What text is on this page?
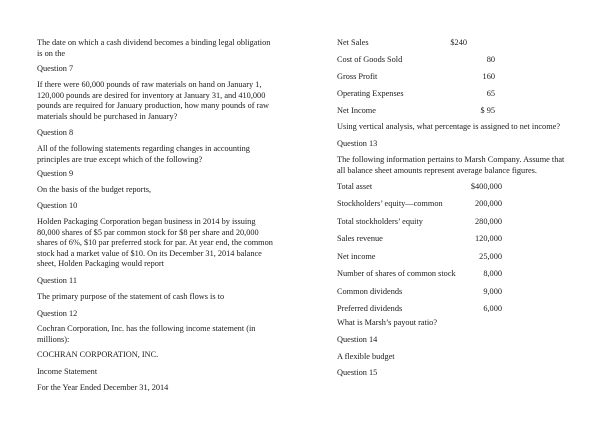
The date on which a cash dividend becomes a binding legal obligation is on the

Question 7

If there were 60,000 pounds of raw materials on hand on January 1, 120,000 pounds are desired for inventory at January 31, and 410,000 pounds are required for January production, how many pounds of raw materials should be purchased in January?

Question 8

All of the following statements regarding changes in accounting principles are true except which of the following?

Question 9

On the basis of the budget reports,

Question 10

Holden Packaging Corporation began business in 2014 by issuing 80,000 shares of $5 par common stock for $8 per share and 20,000 shares of 6%, $10 par preferred stock for par. At year end, the common stock had a market value of $10. On its December 31, 2014 balance sheet, Holden Packaging would report

Question 11

The primary purpose of the statement of cash flows is to

Question 12

Cochran Corporation, Inc. has the following income statement (in millions):

COCHRAN CORPORATION, INC.

Income Statement

For the Year Ended December 31, 2014

Net Sales	$240
Cost of Goods Sold	80
Gross Profit	160
Operating Expenses	65
Net Income	$ 95

Using vertical analysis, what percentage is assigned to net income?

Question 13

The following information pertains to Marsh Company. Assume that all balance sheet amounts represent average balance figures.

Total asset	$400,000
Stockholders’ equity—common	200,000
Total stockholders’ equity	280,000
Sales revenue	120,000
Net income	25,000
Number of shares of common stock	8,000
Common dividends	9,000
Preferred dividends	6,000

What is Marsh’s payout ratio?

Question 14

A flexible budget

Question 15
